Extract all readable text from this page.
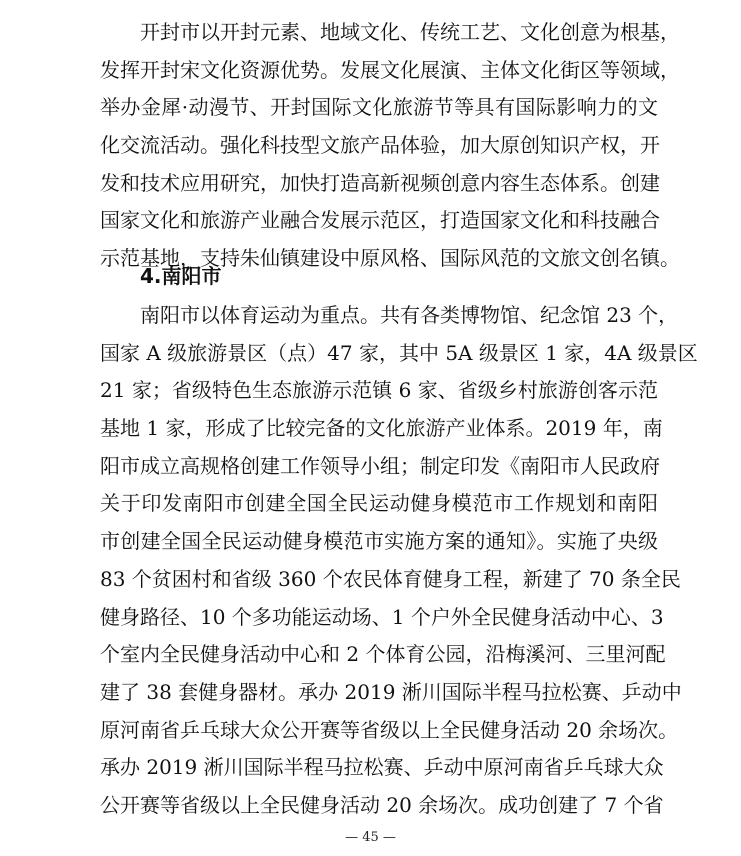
开封市以开封元素、地域文化、传统工艺、文化创意为根基，
发挥开封宋文化资源优势。发展文化展演、主体文化街区等领域，
举办金犀·动漫节、开封国际文化旅游节等具有国际影响力的文
化交流活动。强化科技型文旅产品体验，加大原创知识产权，开
发和技术应用研究，加快打造高新视频创意内容生态体系。创建
国家文化和旅游产业融合发展示范区，打造国家文化和科技融合
示范基地，支持朱仙镇建设中原风格、国际风范的文旅文创名镇。
4.南阳市
南阳市以体育运动为重点。共有各类博物馆、纪念馆 23 个，
国家 A 级旅游景区（点）47 家，其中 5A 级景区 1 家，4A 级景区
21 家；省级特色生态旅游示范镇 6 家、省级乡村旅游创客示范
基地 1 家，形成了比较完备的文化旅游产业体系。2019 年，南
阳市成立高规格创建工作领导小组；制定印发《南阳市人民政府
关于印发南阳市创建全国全民运动健身模范市工作规划和南阳
市创建全国全民运动健身模范市实施方案的通知》。实施了央级
83 个贫困村和省级 360 个农民体育健身工程，新建了 70 条全民
健身路径、10 个多功能运动场、1 个户外全民健身活动中心、3
个室内全民健身活动中心和 2 个体育公园，沿梅溪河、三里河配
建了 38 套健身器材。承办 2019 淅川国际半程马拉松赛、乒动中
原河南省乒乓球大众公开赛等省级以上全民健身活动 20 余场次。
承办 2019 淅川国际半程马拉松赛、乒动中原河南省乒乓球大众
公开赛等省级以上全民健身活动 20 余场次。成功创建了 7 个省
— 45 —
